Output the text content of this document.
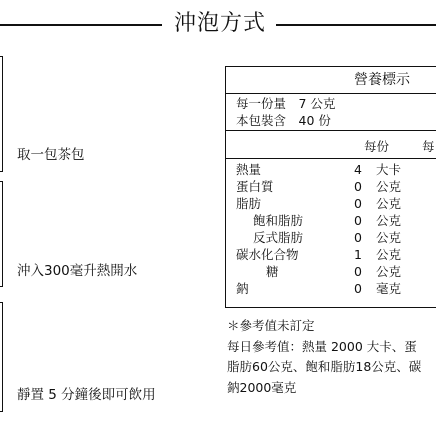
沖泡方式
取一包茶包
沖入300毫升熱開水
靜置 5 分鐘後即可飲用
營養標示
每一份量　7 公克
本包裝含　40 份
每份	每
熱量	4	大卡
蛋白質	0	公克
脂肪	0	公克
飽和脂肪	0	公克
反式脂肪	0	公克
碳水化合物	1	公克
糖	0	公克
鈉	0	毫克
＊參考值未訂定
每日參考值：熱量 2000 大卡、蛋
脂肪60公克、飽和脂肪18公克、碳
鈉2000毫克
